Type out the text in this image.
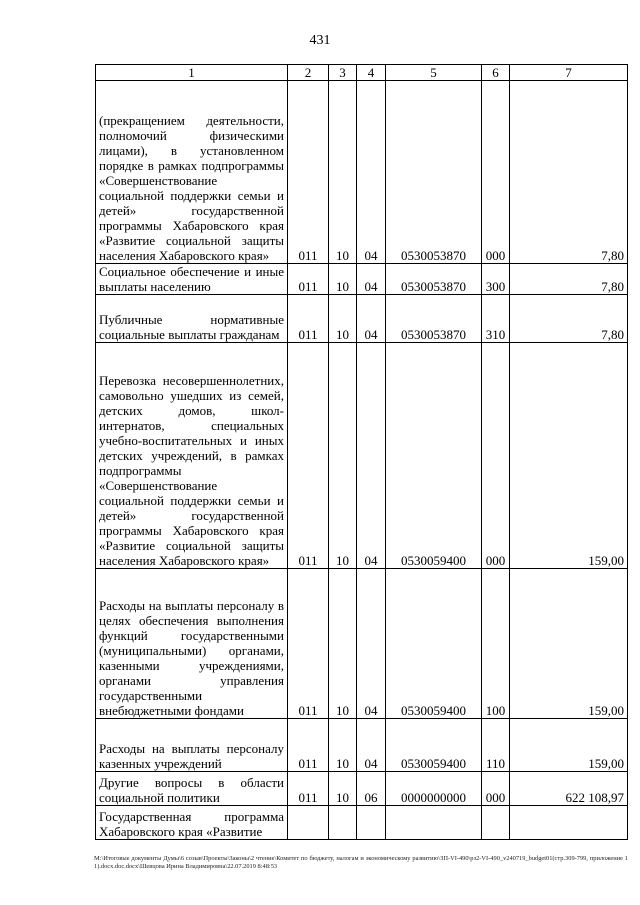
431
1	2	3	4	5	6	7
(прекращением деятельности, полномочий физическими лицами), в установленном порядке в рамках подпрограммы «Совершенствование социальной поддержки семьи и детей» государственной программы Хабаровского края «Развитие социальной защиты населения Хабаровского края»	011	10	04	0530053870	000	7,80
Социальное обеспечение и иные выплаты населению	011	10	04	0530053870	300	7,80
Публичные нормативные социальные выплаты гражданам	011	10	04	0530053870	310	7,80
Перевозка несовершеннолетних, самовольно ушедших из семей, детских домов, школ-интернатов, специальных учебно-воспитательных и иных детских учреждений, в рамках подпрограммы «Совершенствование социальной поддержки семьи и детей» государственной программы Хабаровского края «Развитие социальной защиты населения Хабаровского края»	011	10	04	0530059400	000	159,00
Расходы на выплаты персоналу в целях обеспечения выполнения функций государственными (муниципальными) органами, казенными учреждениями, органами управления государственными внебюджетными фондами	011	10	04	0530059400	100	159,00
Расходы на выплаты персоналу казенных учреждений	011	10	04	0530059400	110	159,00
Другие вопросы в области социальной политики	011	10	06	0000000000	000	622 108,97
Государственная программа Хабаровского края «Развитие						
М:\Итоговые документы Думы\6 созыв\Проекты\Законы\2 чтение\Комитет по бюджету, налогам и экономическому развитию\ЗП-VI-490\рз2-VI-490_v240719_budget01(стр.309-799, приложение 11).docx.doc.docx\Шевцова Ирина Владимировна\22.07.2019 8:48:53
